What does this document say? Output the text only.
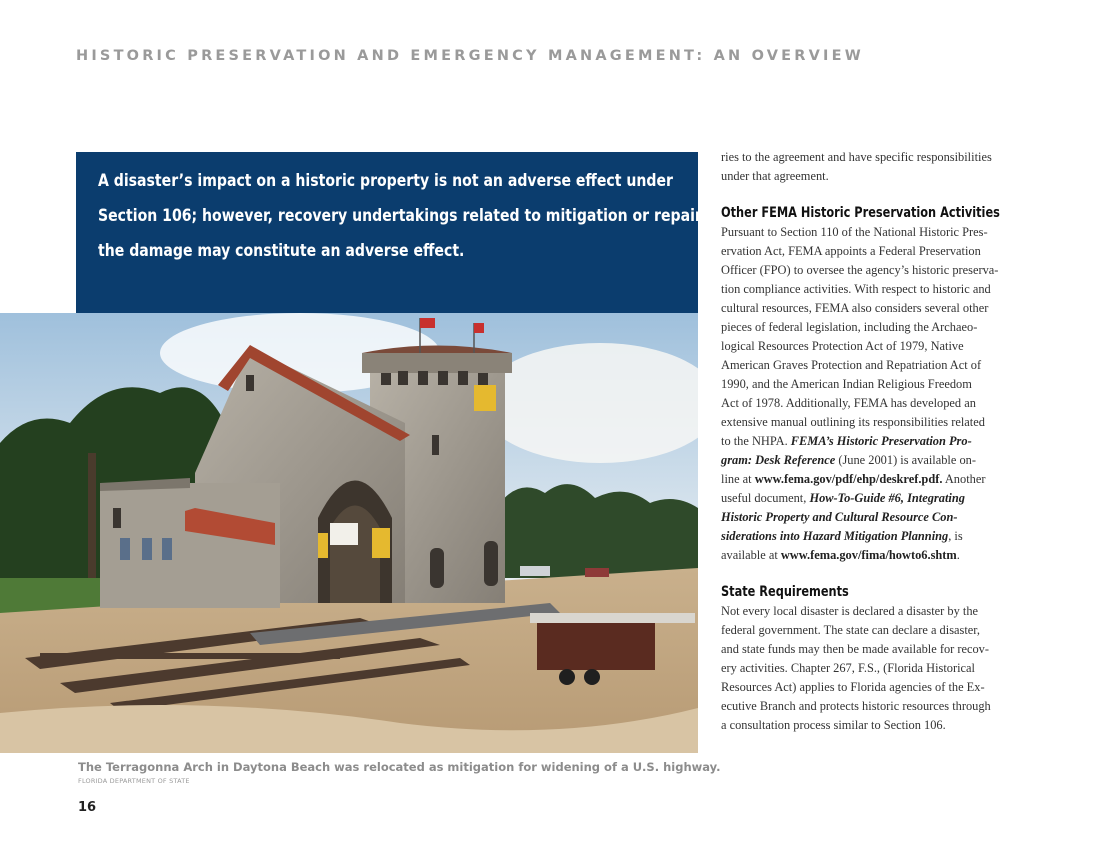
HISTORIC PRESERVATION AND EMERGENCY MANAGEMENT: AN OVERVIEW

A disaster’s impact on a historic property is not an adverse effect under
Section 106; however, recovery undertakings related to mitigation or repairing
the damage may constitute an adverse effect.

The Terragonna Arch in Daytona Beach was relocated as mitigation for widening of a U.S. highway.
FLORIDA DEPARTMENT OF STATE
16

ries to the agreement and have specific responsibilities
under that agreement.

Other FEMA Historic Preservation Activities

Pursuant to Section 110 of the National Historic Pres-
ervation Act, FEMA appoints a Federal Preservation
Officer (FPO) to oversee the agency’s historic preserva-
tion compliance activities. With respect to historic and
cultural resources, FEMA also considers several other
pieces of federal legislation, including the Archaeo-
logical Resources Protection Act of 1979, Native
American Graves Protection and Repatriation Act of
1990, and the American Indian Religious Freedom
Act of 1978. Additionally, FEMA has developed an
extensive manual outlining its responsibilities related
to the NHPA. FEMA’s Historic Preservation Pro-
gram: Desk Reference (June 2001) is available on-
line at www.fema.gov/pdf/ehp/deskref.pdf. Another
useful document, How-To-Guide #6, Integrating
Historic Property and Cultural Resource Con-
siderations into Hazard Mitigation Planning, is
available at www.fema.gov/fima/howto6.shtm.

State Requirements

Not every local disaster is declared a disaster by the
federal government. The state can declare a disaster,
and state funds may then be made available for recov-
ery activities. Chapter 267, F.S., (Florida Historical
Resources Act) applies to Florida agencies of the Ex-
ecutive Branch and protects historic resources through
a consultation process similar to Section 106.
